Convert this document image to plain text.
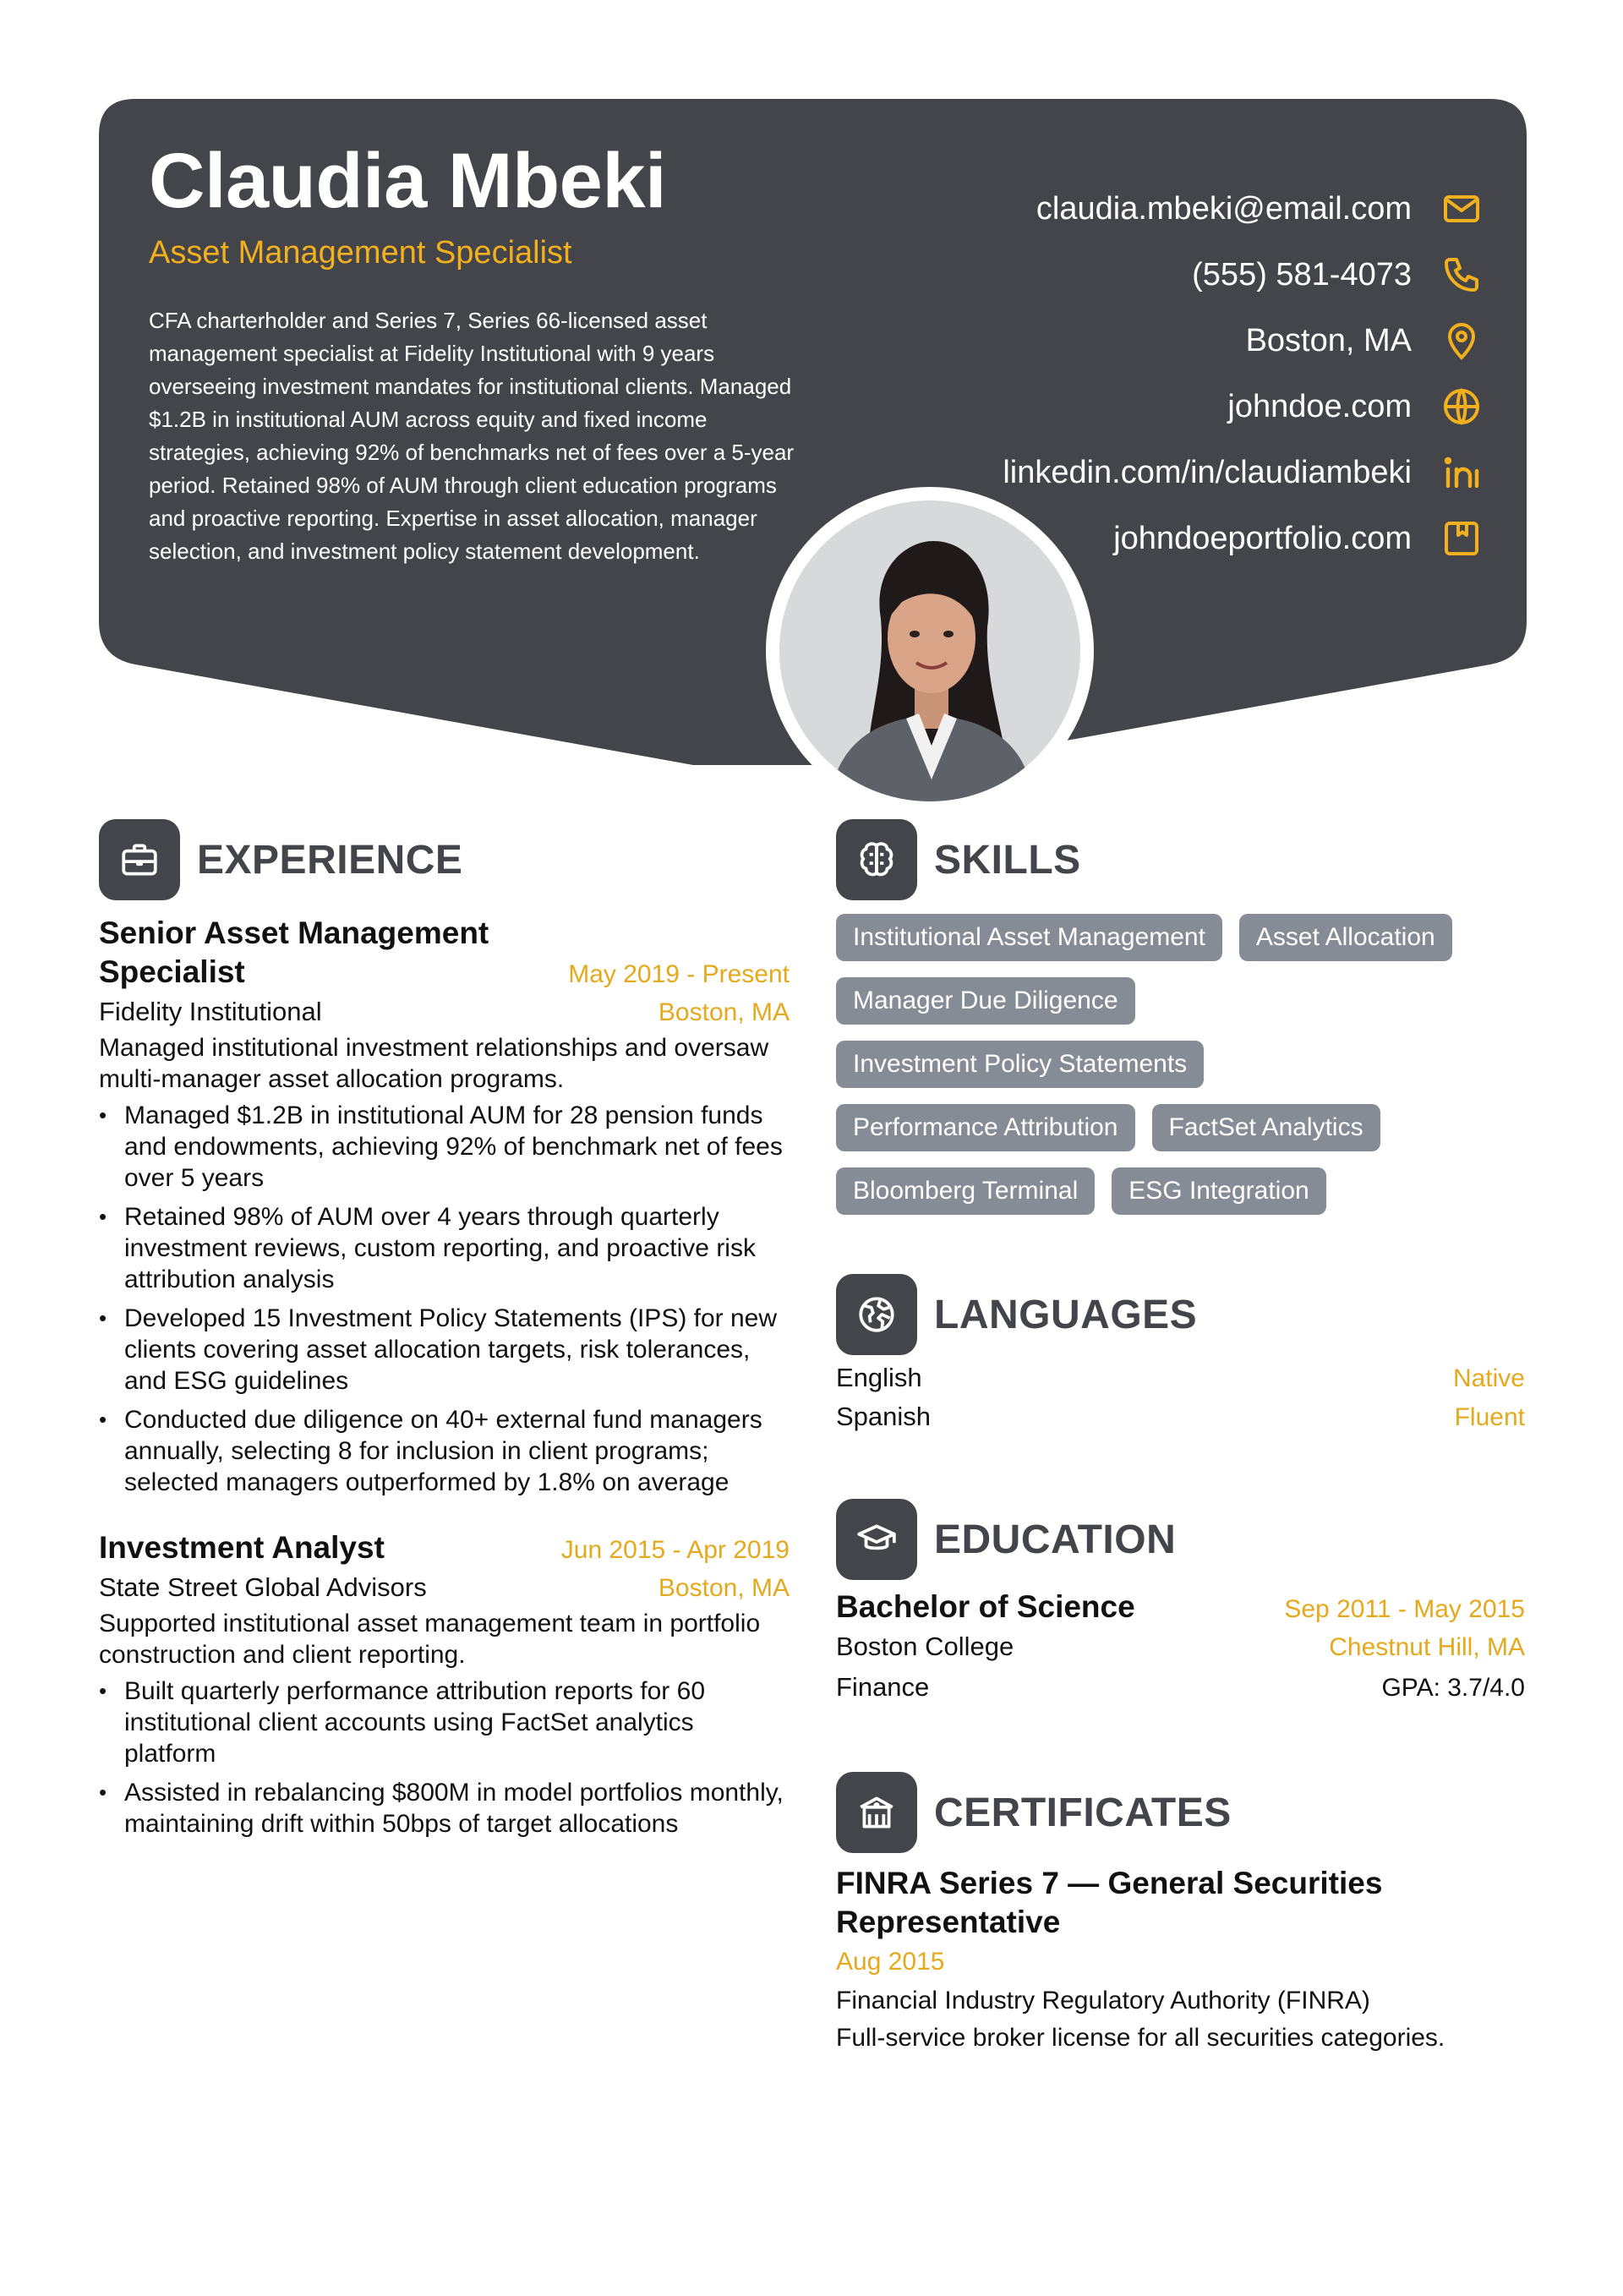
Claudia Mbeki
Asset Management Specialist
CFA charterholder and Series 7, Series 66-licensed asset management specialist at Fidelity Institutional with 9 years overseeing investment mandates for institutional clients. Managed $1.2B in institutional AUM across equity and fixed income strategies, achieving 92% of benchmarks net of fees over a 5-year period. Retained 98% of AUM through client education programs and proactive reporting. Expertise in asset allocation, manager selection, and investment policy statement development.
claudia.mbeki@email.com
(555) 581-4073
Boston, MA
johndoe.com
linkedin.com/in/claudiambeki
johndoeportfolio.com
EXPERIENCE
Senior Asset Management
Specialist	May 2019 - Present
Fidelity Institutional	Boston, MA
Managed institutional investment relationships and oversaw multi-manager asset allocation programs.
• Managed $1.2B in institutional AUM for 28 pension funds and endowments, achieving 92% of benchmark net of fees over 5 years
• Retained 98% of AUM over 4 years through quarterly investment reviews, custom reporting, and proactive risk attribution analysis
• Developed 15 Investment Policy Statements (IPS) for new clients covering asset allocation targets, risk tolerances, and ESG guidelines
• Conducted due diligence on 40+ external fund managers annually, selecting 8 for inclusion in client programs; selected managers outperformed by 1.8% on average
Investment Analyst	Jun 2015 - Apr 2019
State Street Global Advisors	Boston, MA
Supported institutional asset management team in portfolio construction and client reporting.
• Built quarterly performance attribution reports for 60 institutional client accounts using FactSet analytics platform
• Assisted in rebalancing $800M in model portfolios monthly, maintaining drift within 50bps of target allocations
SKILLS
Institutional Asset Management	Asset Allocation
Manager Due Diligence
Investment Policy Statements
Performance Attribution	FactSet Analytics
Bloomberg Terminal	ESG Integration
LANGUAGES
English	Native
Spanish	Fluent
EDUCATION
Bachelor of Science	Sep 2011 - May 2015
Boston College	Chestnut Hill, MA
Finance	GPA: 3.7/4.0
CERTIFICATES
FINRA Series 7 — General Securities
Representative
Aug 2015
Financial Industry Regulatory Authority (FINRA)
Full-service broker license for all securities categories.
